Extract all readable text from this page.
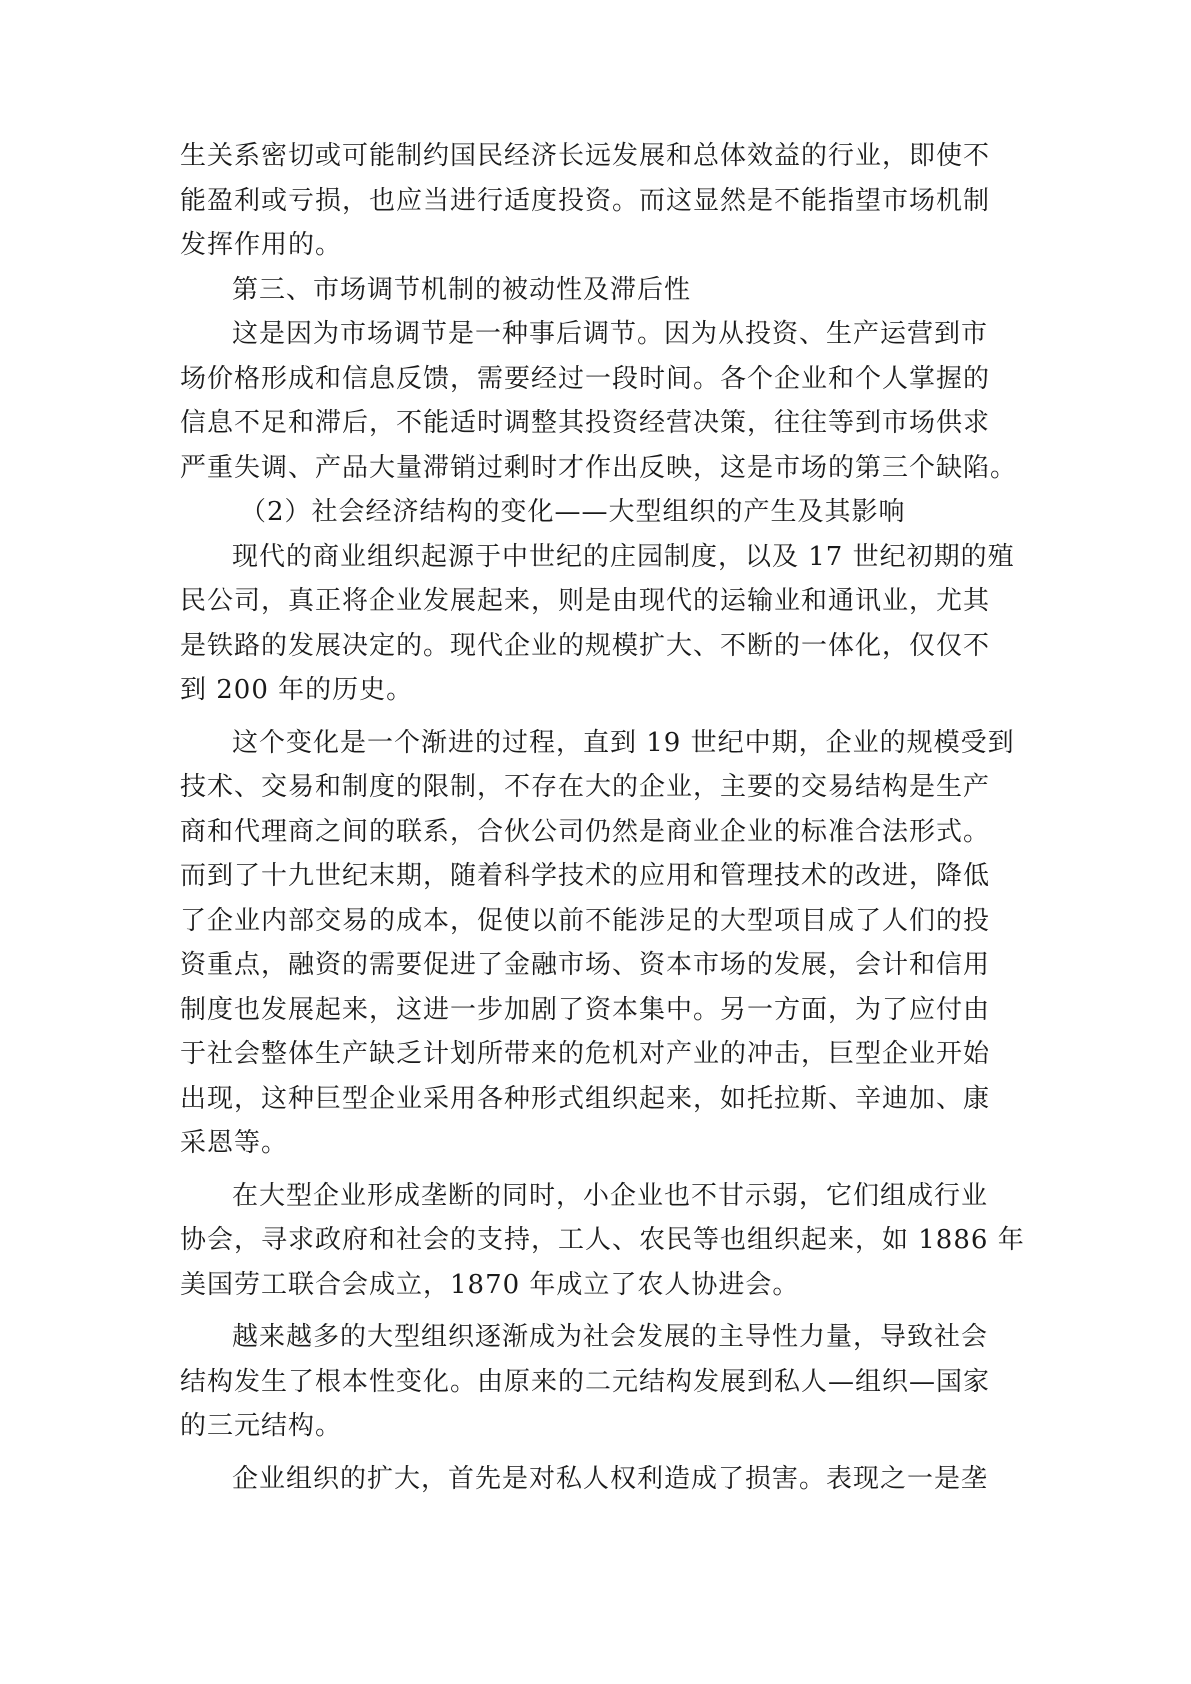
生关系密切或可能制约国民经济长远发展和总体效益的行业，即使不
能盈利或亏损，也应当进行适度投资。而这显然是不能指望市场机制
发挥作用的。
第三、市场调节机制的被动性及滞后性
这是因为市场调节是一种事后调节。因为从投资、生产运营到市
场价格形成和信息反馈，需要经过一段时间。各个企业和个人掌握的
信息不足和滞后，不能适时调整其投资经营决策，往往等到市场供求
严重失调、产品大量滞销过剩时才作出反映，这是市场的第三个缺陷。
（2）社会经济结构的变化——大型组织的产生及其影响
现代的商业组织起源于中世纪的庄园制度，以及 17 世纪初期的殖
民公司，真正将企业发展起来，则是由现代的运输业和通讯业，尤其
是铁路的发展决定的。现代企业的规模扩大、不断的一体化，仅仅不
到 200 年的历史。
这个变化是一个渐进的过程，直到 19 世纪中期，企业的规模受到
技术、交易和制度的限制，不存在大的企业，主要的交易结构是生产
商和代理商之间的联系，合伙公司仍然是商业企业的标准合法形式。
而到了十九世纪末期，随着科学技术的应用和管理技术的改进，降低
了企业内部交易的成本，促使以前不能涉足的大型项目成了人们的投
资重点，融资的需要促进了金融市场、资本市场的发展，会计和信用
制度也发展起来，这进一步加剧了资本集中。另一方面，为了应付由
于社会整体生产缺乏计划所带来的危机对产业的冲击，巨型企业开始
出现，这种巨型企业采用各种形式组织起来，如托拉斯、辛迪加、康
采恩等。
在大型企业形成垄断的同时，小企业也不甘示弱，它们组成行业
协会，寻求政府和社会的支持，工人、农民等也组织起来，如 1886 年
美国劳工联合会成立，1870 年成立了农人协进会。
越来越多的大型组织逐渐成为社会发展的主导性力量，导致社会
结构发生了根本性变化。由原来的二元结构发展到私人—组织—国家
的三元结构。
企业组织的扩大，首先是对私人权利造成了损害。表现之一是垄
